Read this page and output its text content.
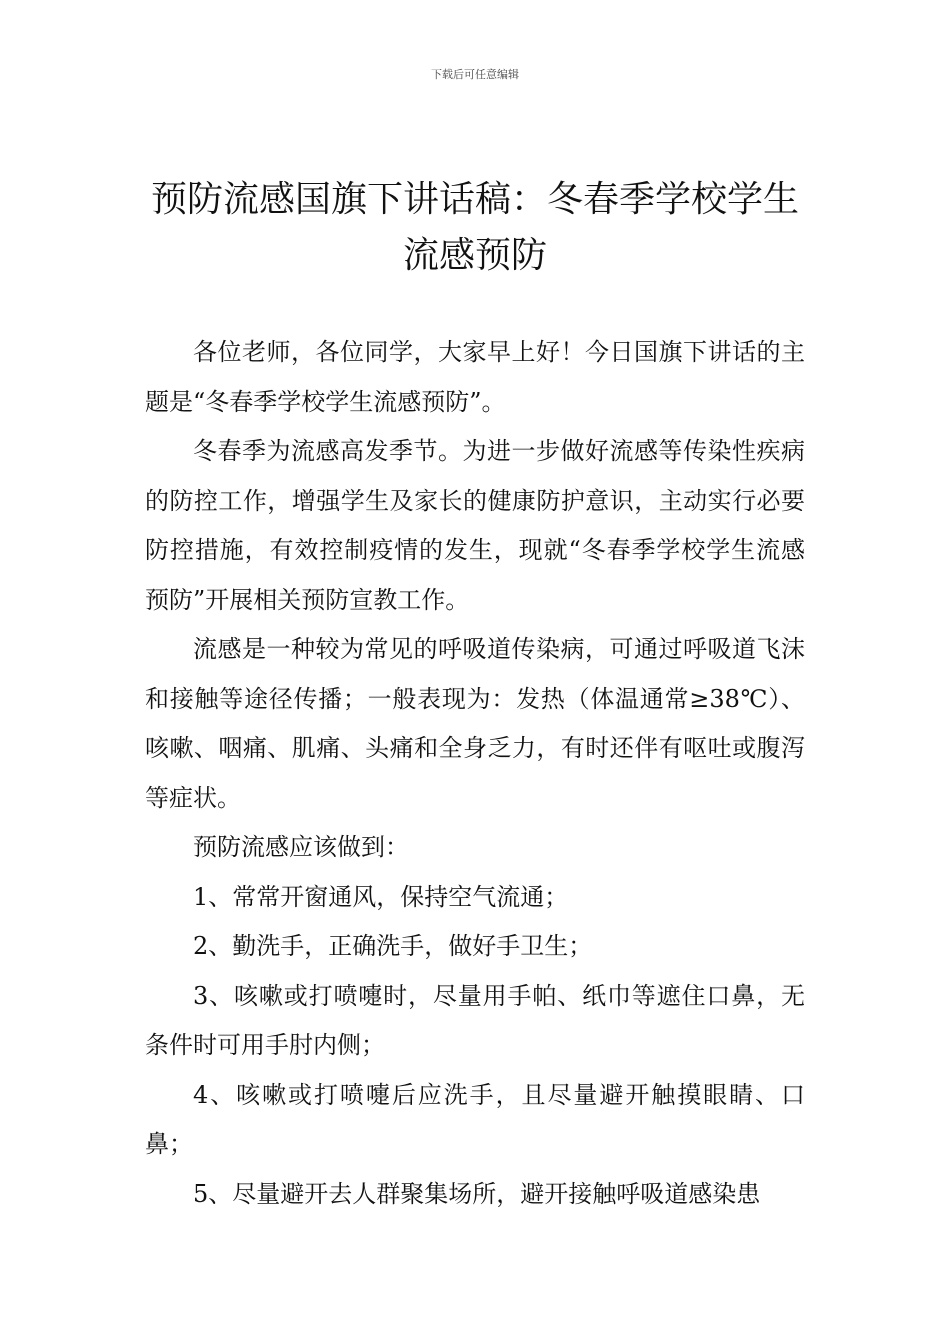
下载后可任意编辑
预防流感国旗下讲话稿：冬春季学校学生流感预防

各位老师，各位同学，大家早上好！今日国旗下讲话的主题是“冬春季学校学生流感预防”。

冬春季为流感高发季节。为进一步做好流感等传染性疾病的防控工作，增强学生及家长的健康防护意识，主动实行必要防控措施，有效控制疫情的发生，现就“冬春季学校学生流感预防”开展相关预防宣教工作。

流感是一种较为常见的呼吸道传染病，可通过呼吸道飞沫和接触等途径传播；一般表现为：发热（体温通常≥38℃）、咳嗽、咽痛、肌痛、头痛和全身乏力，有时还伴有呕吐或腹泻等症状。

预防流感应该做到：

1、常常开窗通风，保持空气流通；

2、勤洗手，正确洗手，做好手卫生；

3、咳嗽或打喷嚏时，尽量用手帕、纸巾等遮住口鼻，无条件时可用手肘内侧；

4、咳嗽或打喷嚏后应洗手，且尽量避开触摸眼睛、口鼻；

5、尽量避开去人群聚集场所，避开接触呼吸道感染患
